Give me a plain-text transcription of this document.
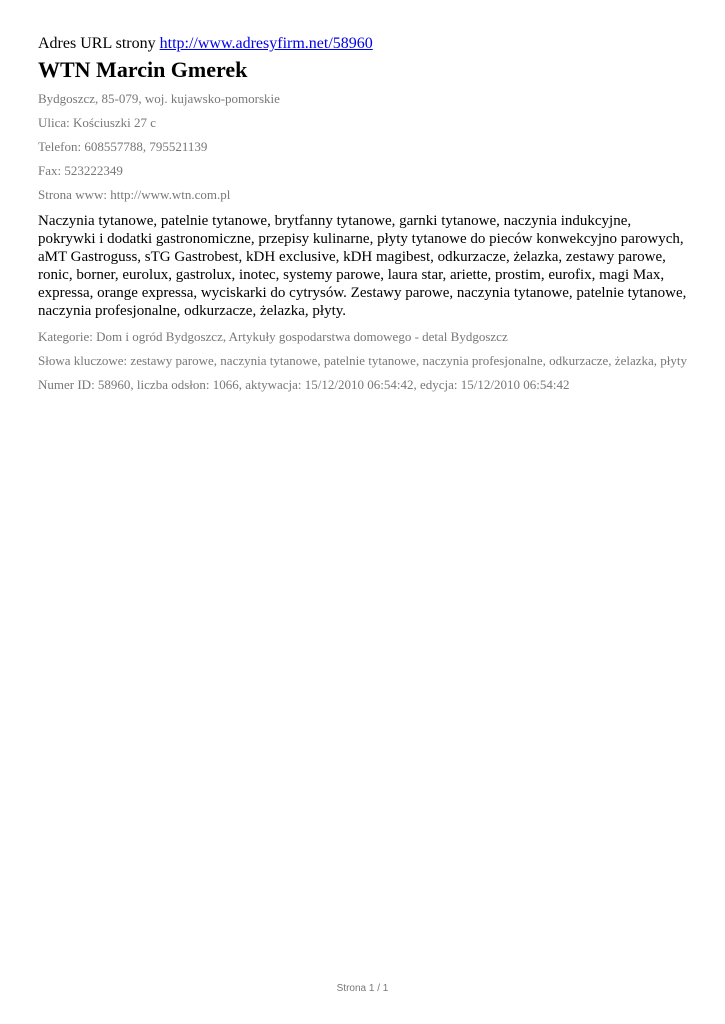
Adres URL strony http://www.adresyfirm.net/58960

WTN Marcin Gmerek

Bydgoszcz, 85-079, woj. kujawsko-pomorskie

Ulica: Kościuszki 27 c

Telefon: 608557788, 795521139

Fax: 523222349

Strona www: http://www.wtn.com.pl

Naczynia tytanowe, patelnie tytanowe, brytfanny tytanowe, garnki tytanowe, naczynia indukcyjne, pokrywki i dodatki gastronomiczne, przepisy kulinarne, płyty tytanowe do pieców konwekcyjno parowych, aMT Gastroguss, sTG Gastrobest, kDH exclusive, kDH magibest, odkurzacze, żelazka, zestawy parowe, ronic, borner, eurolux, gastrolux, inotec, systemy parowe, laura star, ariette, prostim, eurofix, magi Max, expressa, orange expressa, wyciskarki do cytrysów. Zestawy parowe, naczynia tytanowe, patelnie tytanowe, naczynia profesjonalne, odkurzacze, żelazka, płyty.

Kategorie: Dom i ogród Bydgoszcz, Artykuły gospodarstwa domowego - detal Bydgoszcz

Słowa kluczowe: zestawy parowe, naczynia tytanowe, patelnie tytanowe, naczynia profesjonalne, odkurzacze, żelazka, płyty

Numer ID: 58960, liczba odsłon: 1066, aktywacja: 15/12/2010 06:54:42, edycja: 15/12/2010 06:54:42

Strona 1 / 1
